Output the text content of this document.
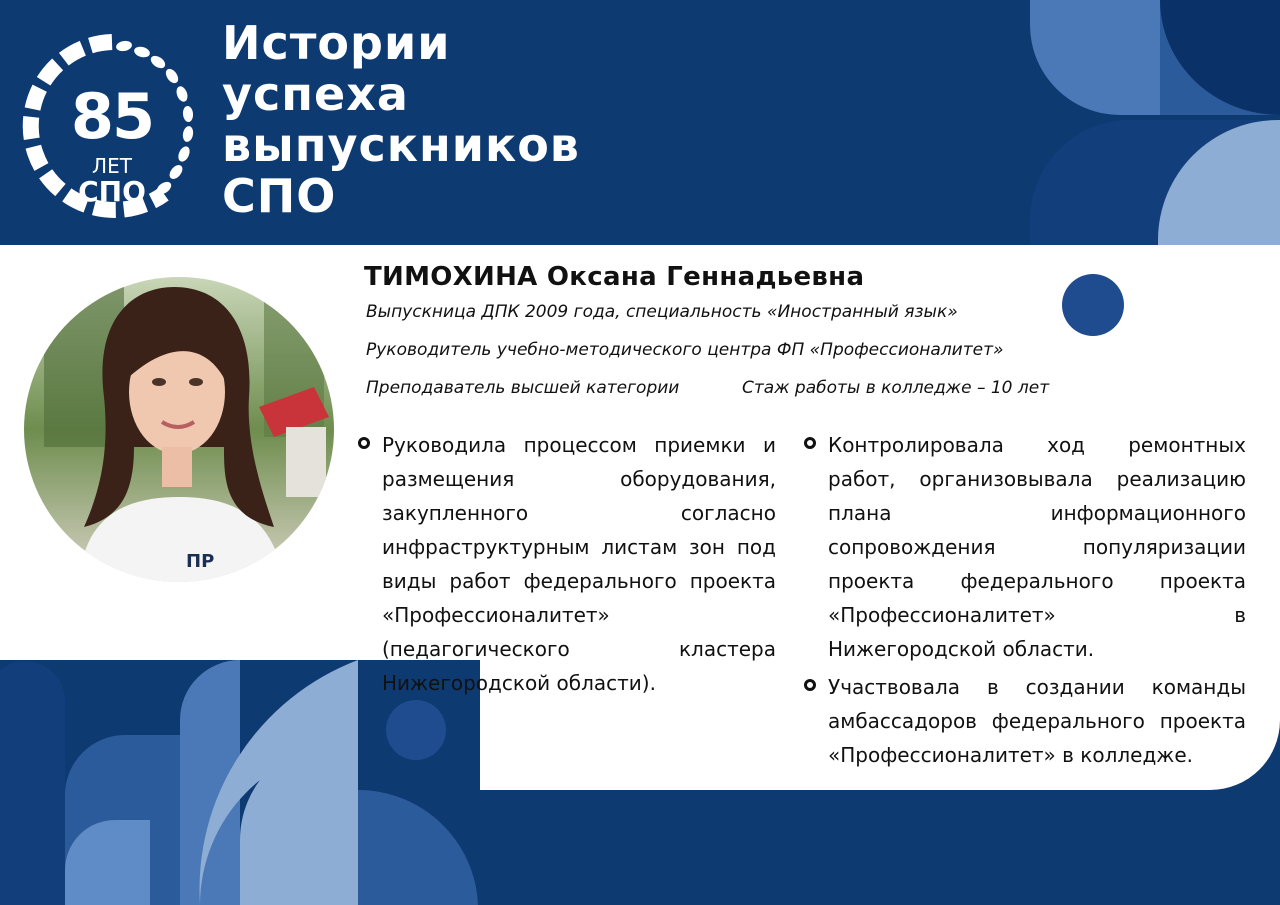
85
ЛЕТ
СПО
Истории
успеха
выпускников
СПО
ПР
ТИМОХИНА Оксана Геннадьевна
Выпускница ДПК 2009 года, специальность «Иностранный язык»
Руководитель учебно-методического центра ФП «Профессионалитет»
Преподаватель высшей категории	Стаж работы в колледже – 10 лет
Руководила процессом приемки и размещения оборудования, закупленного согласно инфраструктурным листам зон под виды работ федерального проекта «Профессионалитет» (педагогического кластера Нижегородской области).
Контролировала ход ремонтных работ, организовывала реализацию плана информационного сопровождения популяризации проекта федерального проекта «Профессионалитет» в Нижегородской области.
Участвовала в создании команды амбассадоров федерального проекта «Профессионалитет» в колледже.
